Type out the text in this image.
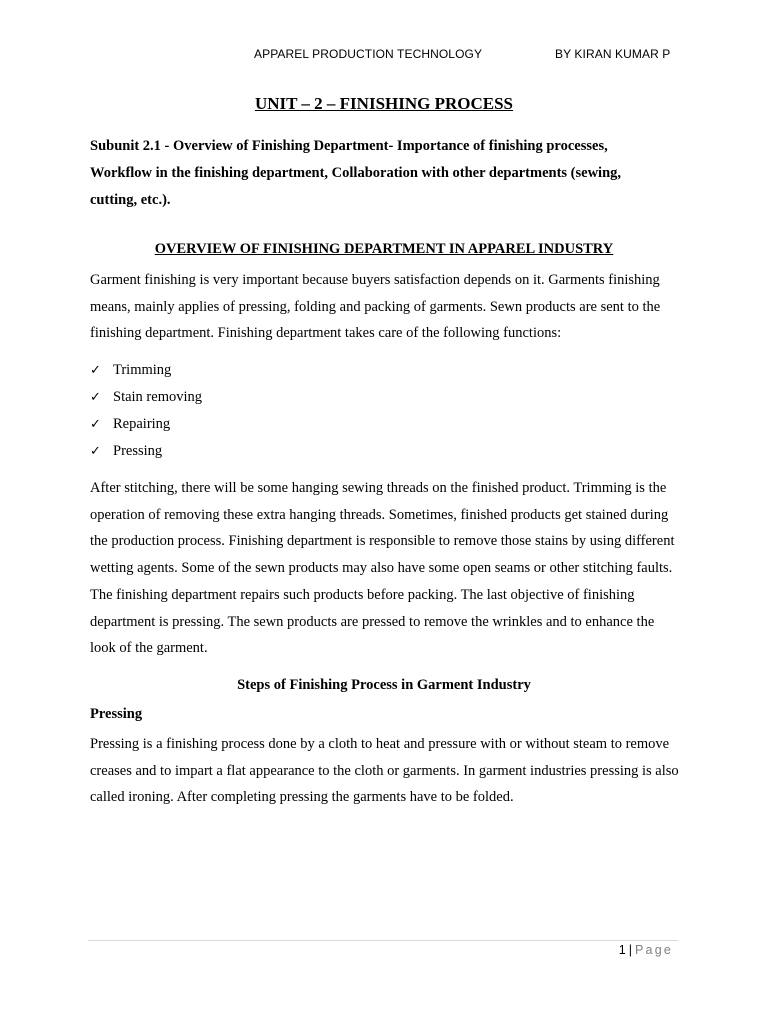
APPAREL PRODUCTION TECHNOLOGY	BY KIRAN KUMAR P
UNIT – 2 – FINISHING PROCESS
Subunit 2.1 - Overview of Finishing Department- Importance of finishing processes, Workflow in the finishing department, Collaboration with other departments (sewing, cutting, etc.).
OVERVIEW OF FINISHING DEPARTMENT IN APPAREL INDUSTRY
Garment finishing is very important because buyers satisfaction depends on it. Garments finishing means, mainly applies of pressing, folding and packing of garments. Sewn products are sent to the finishing department. Finishing department takes care of the following functions:
✓ Trimming
✓ Stain removing
✓ Repairing
✓ Pressing
After stitching, there will be some hanging sewing threads on the finished product. Trimming is the operation of removing these extra hanging threads. Sometimes, finished products get stained during the production process. Finishing department is responsible to remove those stains by using different wetting agents. Some of the sewn products may also have some open seams or other stitching faults. The finishing department repairs such products before packing. The last objective of finishing department is pressing. The sewn products are pressed to remove the wrinkles and to enhance the look of the garment.
Steps of Finishing Process in Garment Industry
Pressing
Pressing is a finishing process done by a cloth to heat and pressure with or without steam to remove creases and to impart a flat appearance to the cloth or garments. In garment industries pressing is also called ironing. After completing pressing the garments have to be folded.
1 | Page
